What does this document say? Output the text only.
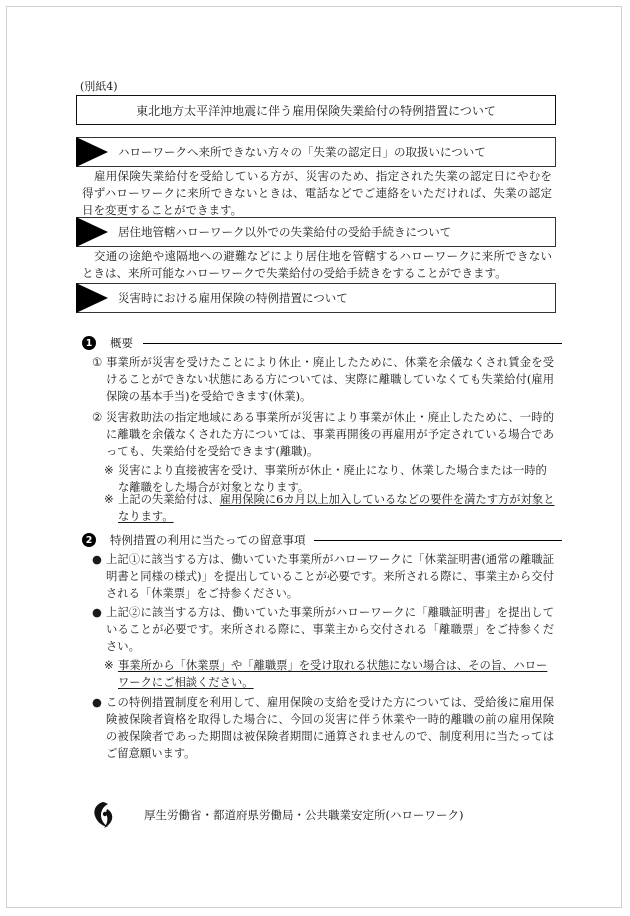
(別紙4)
東北地方太平洋沖地震に伴う雇用保険失業給付の特例措置について
ハローワークへ来所できない方々の「失業の認定日」の取扱いについて
雇用保険失業給付を受給している方が、災害のため、指定された失業の認定日にやむを得ずハローワークに来所できないときは、電話などでご連絡をいただければ、失業の認定日を変更することができます。
居住地管轄ハローワーク以外での失業給付の受給手続きについて
交通の途絶や遠隔地への避難などにより居住地を管轄するハローワークに来所できないときは、来所可能なハローワークで失業給付の受給手続きをすることができます。
災害時における雇用保険の特例措置について
1	概要
① 事業所が災害を受けたことにより休止・廃止したために、休業を余儀なくされ賃金を受けることができない状態にある方については、実際に離職していなくても失業給付(雇用保険の基本手当)を受給できます(休業)。
② 災害救助法の指定地域にある事業所が災害により事業が休止・廃止したために、一時的に離職を余儀なくされた方については、事業再開後の再雇用が予定されている場合であっても、失業給付を受給できます(離職)。
※ 災害により直接被害を受け、事業所が休止・廃止になり、休業した場合または一時的な離職をした場合が対象となります。
※ 上記の失業給付は、雇用保険に6カ月以上加入しているなどの要件を満たす方が対象となります。
2	特例措置の利用に当たっての留意事項
● 上記①に該当する方は、働いていた事業所がハローワークに「休業証明書(通常の離職証明書と同様の様式)」を提出していることが必要です。来所される際に、事業主から交付される「休業票」をご持参ください。
● 上記②に該当する方は、働いていた事業所がハローワークに「離職証明書」を提出していることが必要です。来所される際に、事業主から交付される「離職票」をご持参ください。
※ 事業所から「休業票」や「離職票」を受け取れる状態にない場合は、その旨、ハローワークにご相談ください。
● この特例措置制度を利用して、雇用保険の支給を受けた方については、受給後に雇用保険被保険者資格を取得した場合に、今回の災害に伴う休業や一時的離職の前の雇用保険の被保険者であった期間は被保険者期間に通算されませんので、制度利用に当たってはご留意願います。
厚生労働省・都道府県労働局・公共職業安定所(ハローワーク)
